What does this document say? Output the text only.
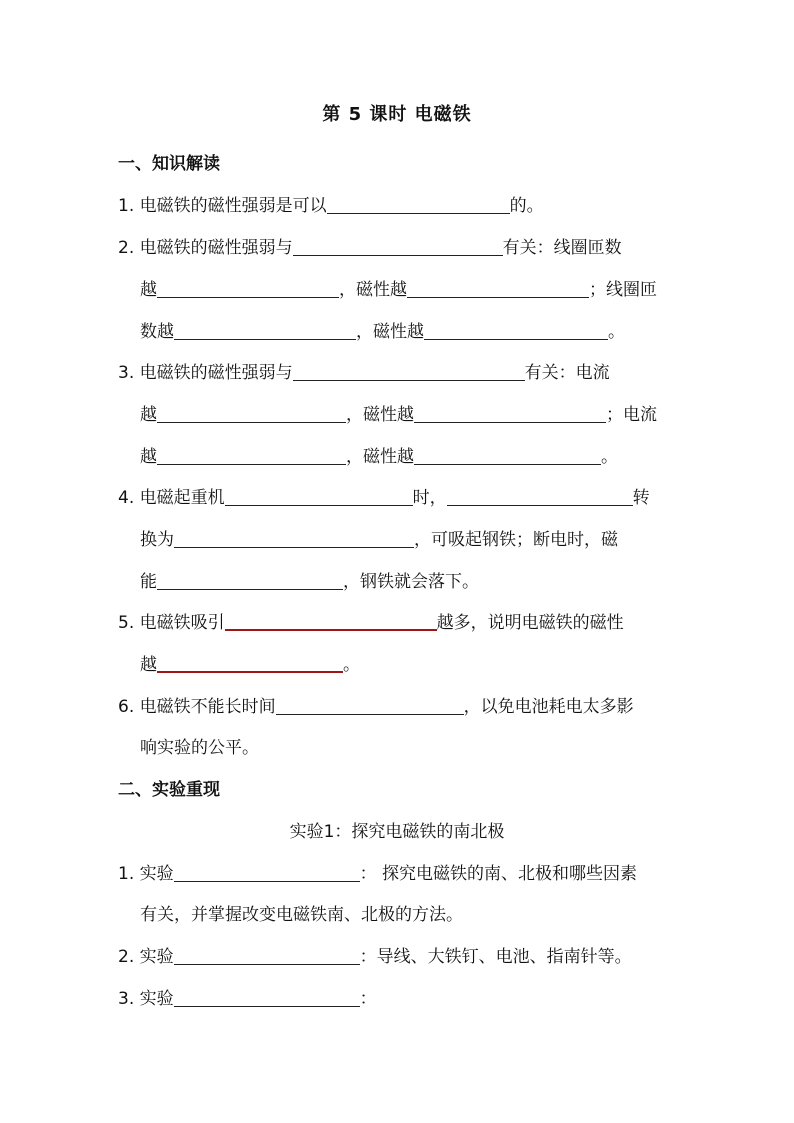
第 5 课时 电磁铁
一、知识解读
1. 电磁铁的磁性强弱是可以	的。
2. 电磁铁的磁性强弱与	有关：线圈匝数
越	，磁性越	；线圈匝
数越	，磁性越	。
3. 电磁铁的磁性强弱与	有关：电流
越	，磁性越	；电流
越	，磁性越	。
4. 电磁起重机	时，	转
换为	，可吸起钢铁；断电时，磁
能	，钢铁就会落下。
5. 电磁铁吸引	越多，说明电磁铁的磁性
越	。
6. 电磁铁不能长时间	，以免电池耗电太多影
响实验的公平。
二、实验重现
实验1：探究电磁铁的南北极
1. 实验	： 探究电磁铁的南、北极和哪些因素
有关，并掌握改变电磁铁南、北极的方法。
2. 实验	：导线、大铁钉、电池、指南针等。
3. 实验	：
